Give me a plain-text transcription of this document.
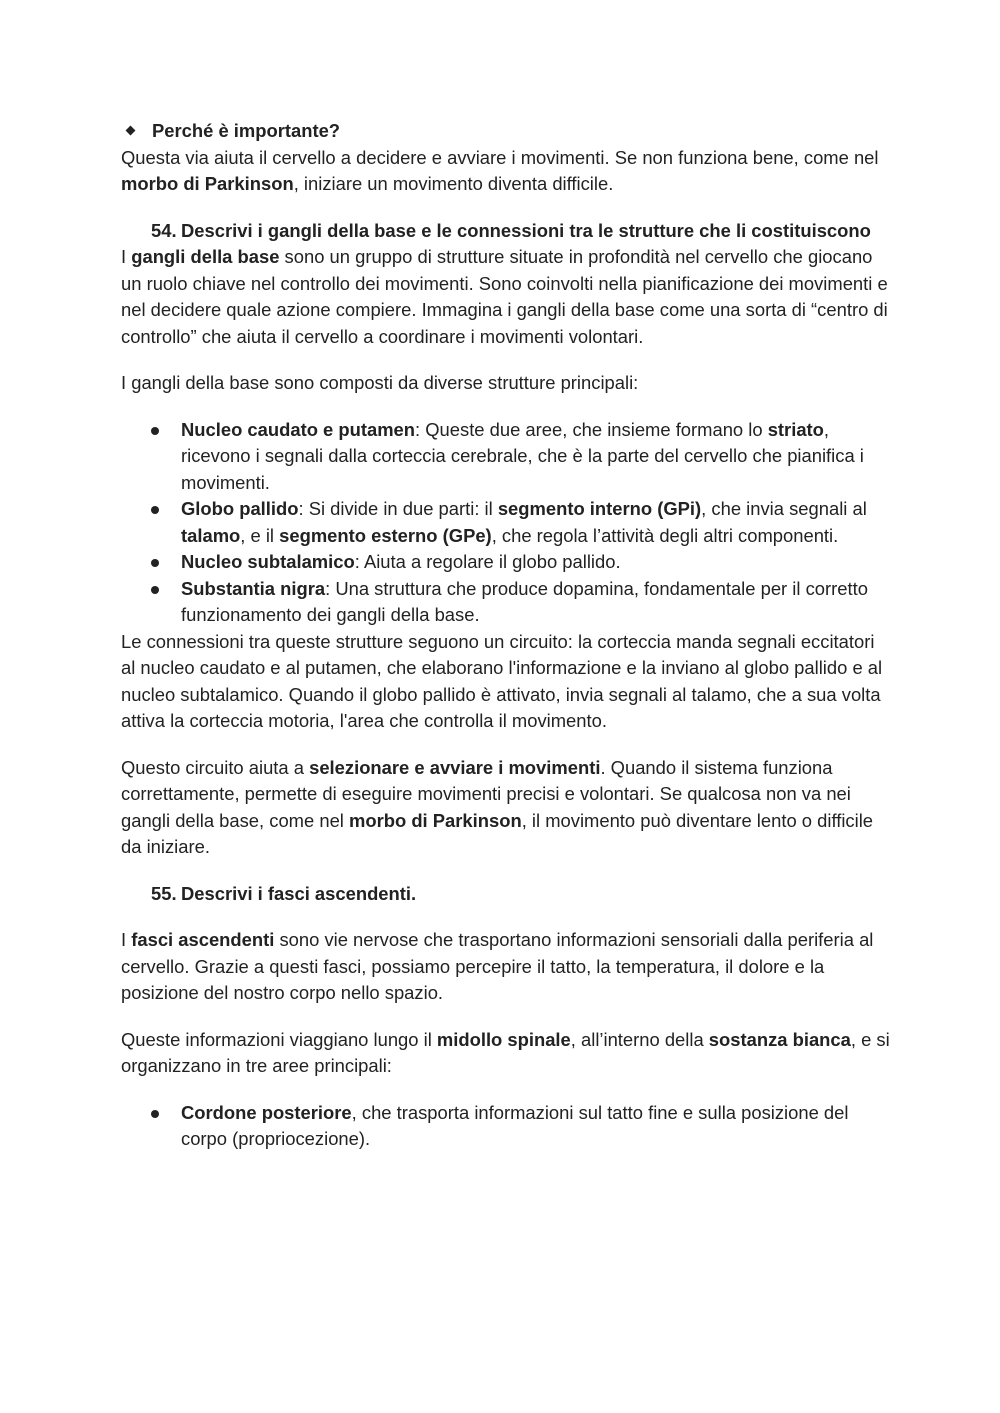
Perché è importante?

Questa via aiuta il cervello a decidere e avviare i movimenti. Se non funziona bene, come nel morbo di Parkinson, iniziare un movimento diventa difficile.

54. Descrivi i gangli della base e le connessioni tra le strutture che li costituiscono

I gangli della base sono un gruppo di strutture situate in profondità nel cervello che giocano un ruolo chiave nel controllo dei movimenti. Sono coinvolti nella pianificazione dei movimenti e nel decidere quale azione compiere. Immagina i gangli della base come una sorta di “centro di controllo” che aiuta il cervello a coordinare i movimenti volontari.

I gangli della base sono composti da diverse strutture principali:

Nucleo caudato e putamen: Queste due aree, che insieme formano lo striato, ricevono i segnali dalla corteccia cerebrale, che è la parte del cervello che pianifica i movimenti.
Globo pallido: Si divide in due parti: il segmento interno (GPi), che invia segnali al talamo, e il segmento esterno (GPe), che regola l’attività degli altri componenti.
Nucleo subtalamico: Aiuta a regolare il globo pallido.
Substantia nigra: Una struttura che produce dopamina, fondamentale per il corretto funzionamento dei gangli della base.

Le connessioni tra queste strutture seguono un circuito: la corteccia manda segnali eccitatori al nucleo caudato e al putamen, che elaborano l'informazione e la inviano al globo pallido e al nucleo subtalamico. Quando il globo pallido è attivato, invia segnali al talamo, che a sua volta attiva la corteccia motoria, l'area che controlla il movimento.

Questo circuito aiuta a selezionare e avviare i movimenti. Quando il sistema funziona correttamente, permette di eseguire movimenti precisi e volontari. Se qualcosa non va nei gangli della base, come nel morbo di Parkinson, il movimento può diventare lento o difficile da iniziare.

55. Descrivi i fasci ascendenti.

I fasci ascendenti sono vie nervose che trasportano informazioni sensoriali dalla periferia al cervello. Grazie a questi fasci, possiamo percepire il tatto, la temperatura, il dolore e la posizione del nostro corpo nello spazio.

Queste informazioni viaggiano lungo il midollo spinale, all’interno della sostanza bianca, e si organizzano in tre aree principali:

Cordone posteriore, che trasporta informazioni sul tatto fine e sulla posizione del corpo (propriocezione).
